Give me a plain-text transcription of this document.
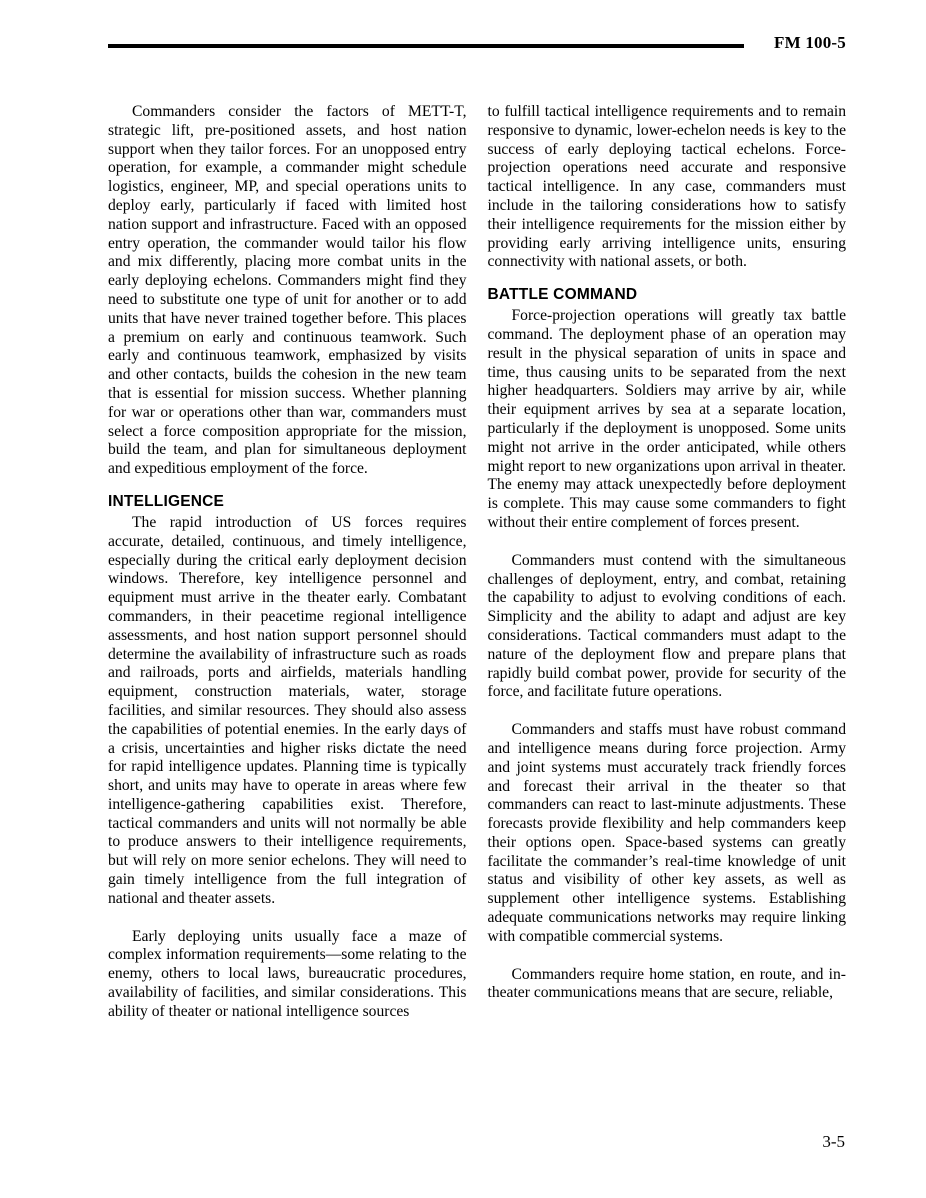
FM 100-5

Commanders consider the factors of METT-T, strategic lift, pre-positioned assets, and host nation support when they tailor forces. For an unopposed entry operation, for example, a commander might schedule logistics, engineer, MP, and special operations units to deploy early, particularly if faced with limited host nation support and infrastructure. Faced with an opposed entry operation, the commander would tailor his flow and mix differently, placing more combat units in the early deploying echelons. Commanders might find they need to substitute one type of unit for another or to add units that have never trained together before. This places a premium on early and continuous teamwork. Such early and continuous teamwork, emphasized by visits and other contacts, builds the cohesion in the new team that is essential for mission success. Whether planning for war or operations other than war, commanders must select a force composition appropriate for the mission, build the team, and plan for simultaneous deployment and expeditious employment of the force.

INTELLIGENCE

The rapid introduction of US forces requires accurate, detailed, continuous, and timely intelligence, especially during the critical early deployment decision windows. Therefore, key intelligence personnel and equipment must arrive in the theater early. Combatant commanders, in their peacetime regional intelligence assessments, and host nation support personnel should determine the availability of infrastructure such as roads and railroads, ports and airfields, materials handling equipment, construction materials, water, storage facilities, and similar resources. They should also assess the capabilities of potential enemies. In the early days of a crisis, uncertainties and higher risks dictate the need for rapid intelligence updates. Planning time is typically short, and units may have to operate in areas where few intelligence-gathering capabilities exist. Therefore, tactical commanders and units will not normally be able to produce answers to their intelligence requirements, but will rely on more senior echelons. They will need to gain timely intelligence from the full integration of national and theater assets.

Early deploying units usually face a maze of complex information requirements—some relating to the enemy, others to local laws, bureaucratic procedures, availability of facilities, and similar considerations. This ability of theater or national intelligence sources

to fulfill tactical intelligence requirements and to remain responsive to dynamic, lower-echelon needs is key to the success of early deploying tactical echelons. Force-projection operations need accurate and responsive tactical intelligence. In any case, commanders must include in the tailoring considerations how to satisfy their intelligence requirements for the mission either by providing early arriving intelligence units, ensuring connectivity with national assets, or both.

BATTLE COMMAND

Force-projection operations will greatly tax battle command. The deployment phase of an operation may result in the physical separation of units in space and time, thus causing units to be separated from the next higher headquarters. Soldiers may arrive by air, while their equipment arrives by sea at a separate location, particularly if the deployment is unopposed. Some units might not arrive in the order anticipated, while others might report to new organizations upon arrival in theater. The enemy may attack unexpectedly before deployment is complete. This may cause some commanders to fight without their entire complement of forces present.

Commanders must contend with the simultaneous challenges of deployment, entry, and combat, retaining the capability to adjust to evolving conditions of each. Simplicity and the ability to adapt and adjust are key considerations. Tactical commanders must adapt to the nature of the deployment flow and prepare plans that rapidly build combat power, provide for security of the force, and facilitate future operations.

Commanders and staffs must have robust command and intelligence means during force projection. Army and joint systems must accurately track friendly forces and forecast their arrival in the theater so that commanders can react to last-minute adjustments. These forecasts provide flexibility and help commanders keep their options open. Space-based systems can greatly facilitate the commander’s real-time knowledge of unit status and visibility of other key assets, as well as supplement other intelligence systems. Establishing adequate communications networks may require linking with compatible commercial systems.

Commanders require home station, en route, and in-theater communications means that are secure, reliable,

3-5
